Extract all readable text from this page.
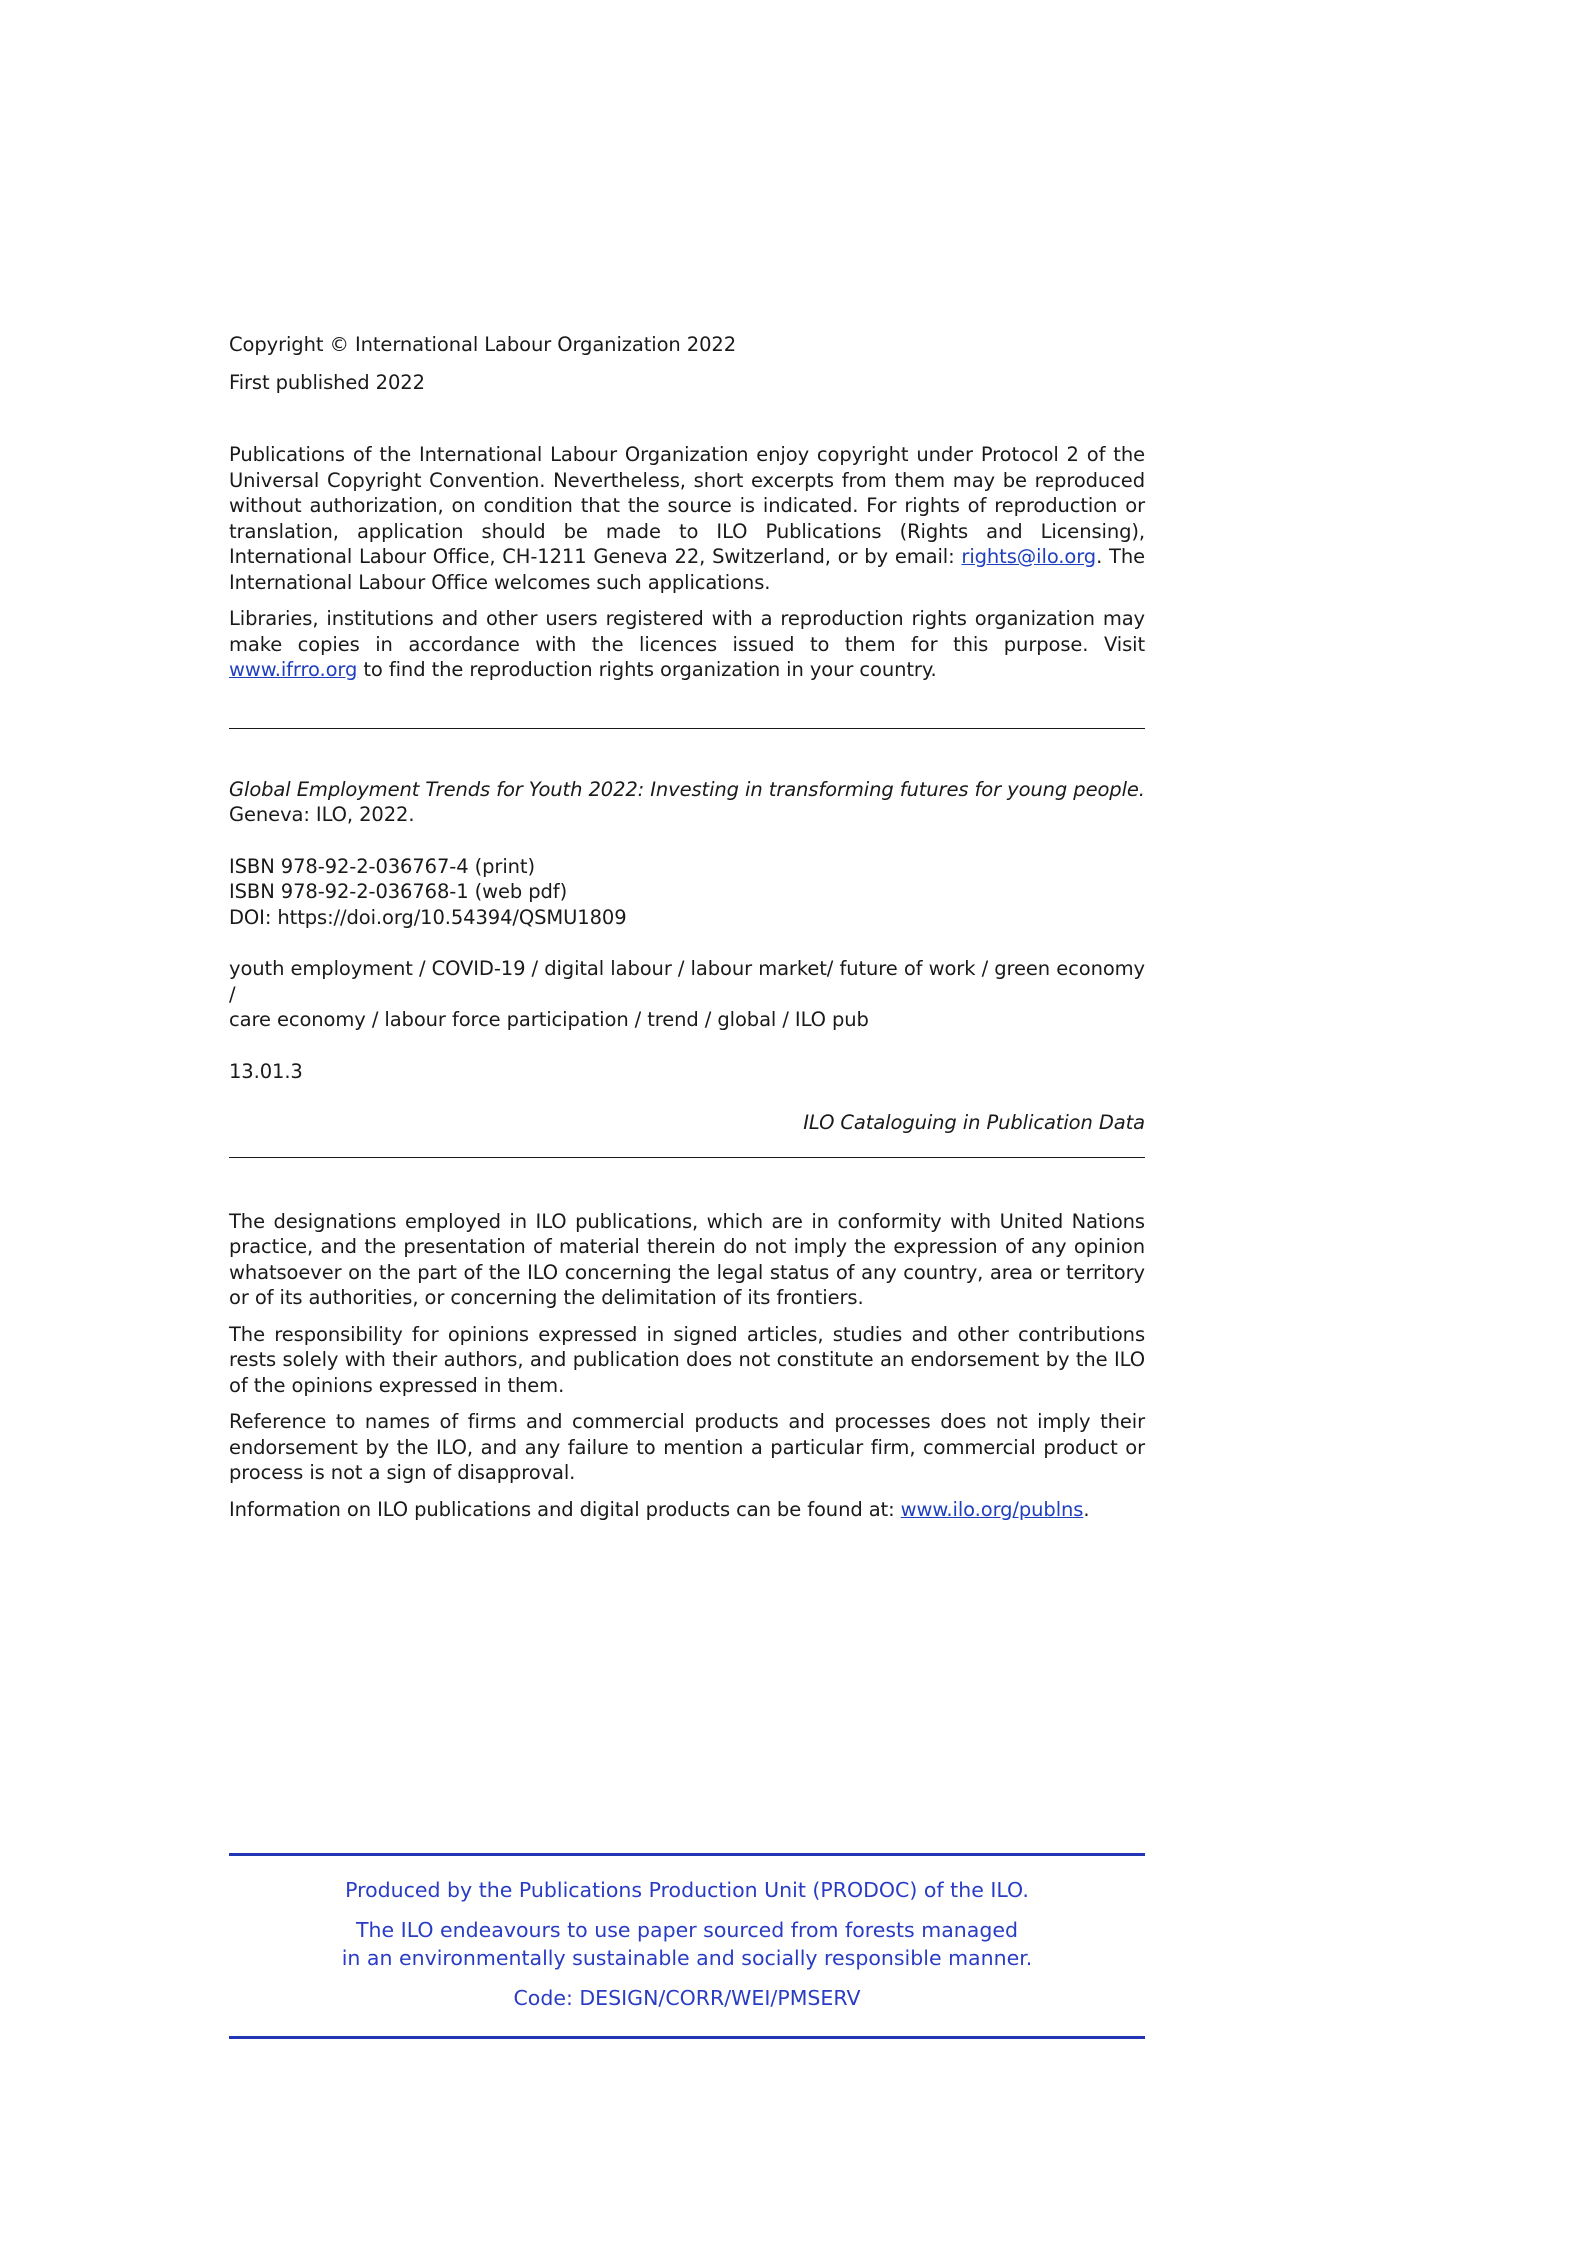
Copyright © International Labour Organization 2022

First published 2022

Publications of the International Labour Organization enjoy copyright under Protocol 2 of the Universal Copyright Convention. Nevertheless, short excerpts from them may be reproduced without authorization, on condition that the source is indicated. For rights of reproduction or translation, application should be made to ILO Publications (Rights and Licensing), International Labour Office, CH-1211 Geneva 22, Switzerland, or by email: rights@ilo.org. The International Labour Office welcomes such applications.

Libraries, institutions and other users registered with a reproduction rights organization may make copies in accordance with the licences issued to them for this purpose. Visit www.ifrro.org to find the reproduction rights organization in your country.

Global Employment Trends for Youth 2022: Investing in transforming futures for young people.

Geneva: ILO, 2022.

ISBN 978-92-2-036767-4 (print)

ISBN 978-92-2-036768-1 (web pdf)

DOI: https://doi.org/10.54394/QSMU1809

youth employment / COVID-19 / digital labour / labour market/ future of work / green economy /

care economy / labour force participation / trend / global / ILO pub

13.01.3

ILO Cataloguing in Publication Data

The designations employed in ILO publications, which are in conformity with United Nations practice, and the presentation of material therein do not imply the expression of any opinion whatsoever on the part of the ILO concerning the legal status of any country, area or territory or of its authorities, or concerning the delimitation of its frontiers.

The responsibility for opinions expressed in signed articles, studies and other contributions rests solely with their authors, and publication does not constitute an endorsement by the ILO of the opinions expressed in them.

Reference to names of firms and commercial products and processes does not imply their endorsement by the ILO, and any failure to mention a particular firm, commercial product or process is not a sign of disapproval.

Information on ILO publications and digital products can be found at: www.ilo.org/publns.

Produced by the Publications Production Unit (PRODOC) of the ILO.

The ILO endeavours to use paper sourced from forests managed
in an environmentally sustainable and socially responsible manner.

Code: DESIGN/CORR/WEI/PMSERV
